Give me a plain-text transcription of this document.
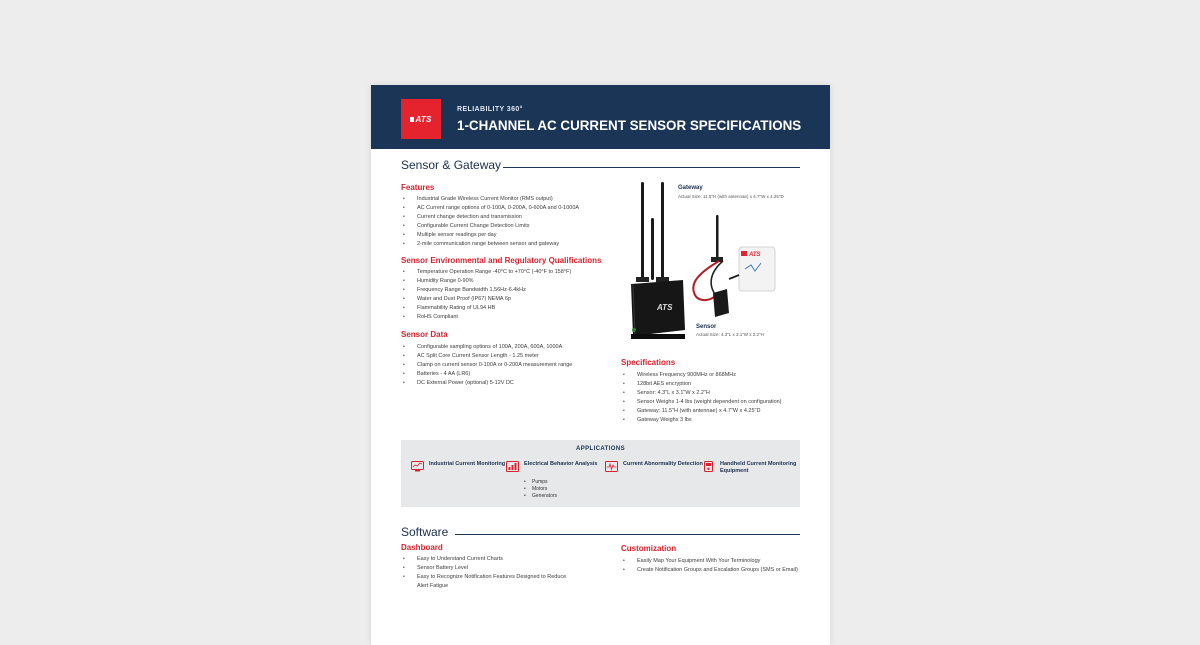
ATS
RELIABILITY 360°
1-CHANNEL AC CURRENT SENSOR SPECIFICATIONS
Sensor & Gateway
Features
• Industrial Grade Wireless Current Monitor (RMS output)
• AC Current range options of 0-100A, 0-200A, 0-600A and 0-1000A
• Current change detection and transmission
• Configurable Current Change Detection Limits
• Multiple sensor readings per day
• 2-mile communication range between sensor and gateway
Sensor Environmental and Regulatory Qualifications
• Temperature Operation Range -40°C to +70°C (-40°F to 158°F)
• Humidity Range 0-90%
• Frequency Range Bandwidth 1.56Hz-6.4kHz
• Water and Dust Proof (IP67) NEMA 6p
• Flammability Rating of UL94 HB
• RoHS Compliant
Sensor Data
• Configurable sampling options of 100A, 200A, 600A, 1000A
• AC Split Core Current Sensor Length - 1.25 meter
• Clamp on current sensor 0-100A or 0-200A measurement range
• Batteries - 4 AA (LR6)
• DC External Power (optional) 5-12V DC
ATS
Gateway
Actual Size: 11.5"H (with antennae) x 4.7"W x 4.25"D
ATS
Sensor
Actual Size: 4.3"L x 3.1"W x 2.2"H
Specifications
• Wireless Frequency 900MHz or 868MHz
• 128bit AES encryption
• Sensor: 4.3"L x 3.1"W x 2.2"H
• Sensor Weighs 1-4 lbs (weight dependent on configuration)
• Gateway: 11.5"H (with antennae) x 4.7"W x 4.25"D
• Gateway Weighs 3 lbs
APPLICATIONS
Industrial Current Monitoring	Electrical Behavior Analysis
• Pumps
• Motors
• Generators
Current Abnormality Detection	Handheld Current Monitoring Equipment
Software
Dashboard
• Easy to Understand Current Charts
• Sensor Battery Level
• Easy to Recognize Notification Features Designed to Reduce Alert Fatigue
Customization
• Easily Map Your Equipment With Your Terminology
• Create Notification Groups and Escalation Groups (SMS or Email)
